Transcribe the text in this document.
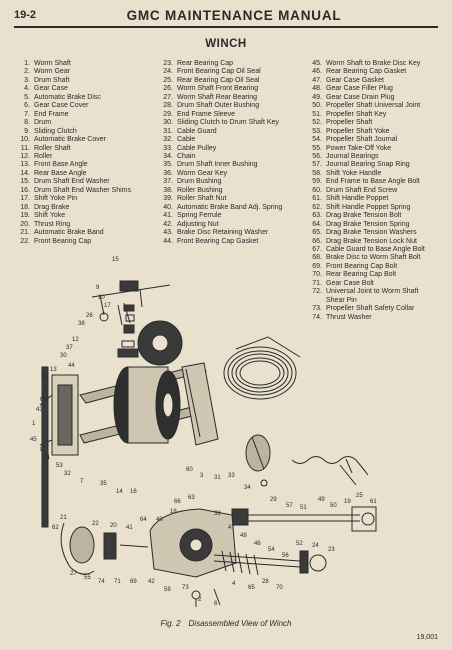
19-2	GMC MAINTENANCE MANUAL
WINCH
1. Worm Shaft
2. Worm Gear
3. Drum Shaft
4. Gear Case
5. Automatic Brake Disc
6. Gear Case Cover
7. End Frame
8. Drum
9. Sliding Clutch
10. Automatic Brake Cover
11. Roller Shaft
12. Roller
13. Front Base Angle
14. Rear Base Angle
15. Drum Shaft End Washer
16. Drum Shaft End Washer Shims
17. Shift Yoke Pin
18. Drag Brake
19. Shift Yoke
20. Thrust Ring
21. Automatic Brake Band
22. Front Bearing Cap
23. Rear Bearing Cap
24. Front Bearing Cap Oil Seal
25. Rear Bearing Cap Oil Seal
26. Worm Shaft Front Bearing
27. Worm Shaft Rear Bearing
28. Drum Shaft Outer Bushing
29. End Frame Sleeve
30. Sliding Clutch to Drum Shaft Key
31. Cable Guard
32. Cable
33. Cable Pulley
34. Chain
35. Drum Shaft Inner Bushing
36. Worm Gear Key
37. Drum Bushing
38. Roller Bushing
39. Roller Shaft Nut
40. Automatic Brake Band Adj. Spring
41. Spring Ferrule
42. Adjusting Nut
43. Brake Disc Retaining Washer
44. Front Bearing Cap Gasket
45. Worm Shaft to Brake Disc Key
46. Rear Bearing Cap Gasket
47. Gear Case Gasket
48. Gear Case Filler Plug
49. Gear Case Drain Plug
50. Propeller Shaft Universal Joint
51. Propeller Shaft Key
52. Propeller Shaft
53. Propeller Shaft Yoke
54. Propeller Shaft Journal
55. Power Take-Off Yoke
56. Journal Bearings
57. Journal Bearing Snap Ring
58. Shift Yoke Handle
59. End Frame to Base Angle Bolt
60. Drum Shaft End Screw
61. Shift Handle Poppet
62. Shift Handle Poppet Spring
63. Drag Brake Tension Bolt
64. Drag Brake Tension Spring
65. Drag Brake Tension Washers
66. Drag Brake Tension Lock Nut
67. Cable Guard to Base Angle Bolt
68. Brake Disc to Worm Shaft Bolt
69. Front Bearing Cap Bolt
70. Rear Bearing Cap Bolt
71. Gear Case Bolt
72. Universal Joint to Worm Shaft
Shear Pin
73. Propeller Shaft Safety Collar
74. Thrust Washer
15
9
10
17
26
38
12
37
30
44
13
36
5
68
43
1
45
8
11
53
32
7	35
14 16
60
3 31 33
34
29
57 51
49
50
19
25
61
21
62
22 20 41
64 40
18
66
63
39
47
48
46
54
56
52 24
23
27
55
74 71 69 42
58 73
2
6
4
65
28
70
Fig. 2 Disassembled View of Winch
19,001
